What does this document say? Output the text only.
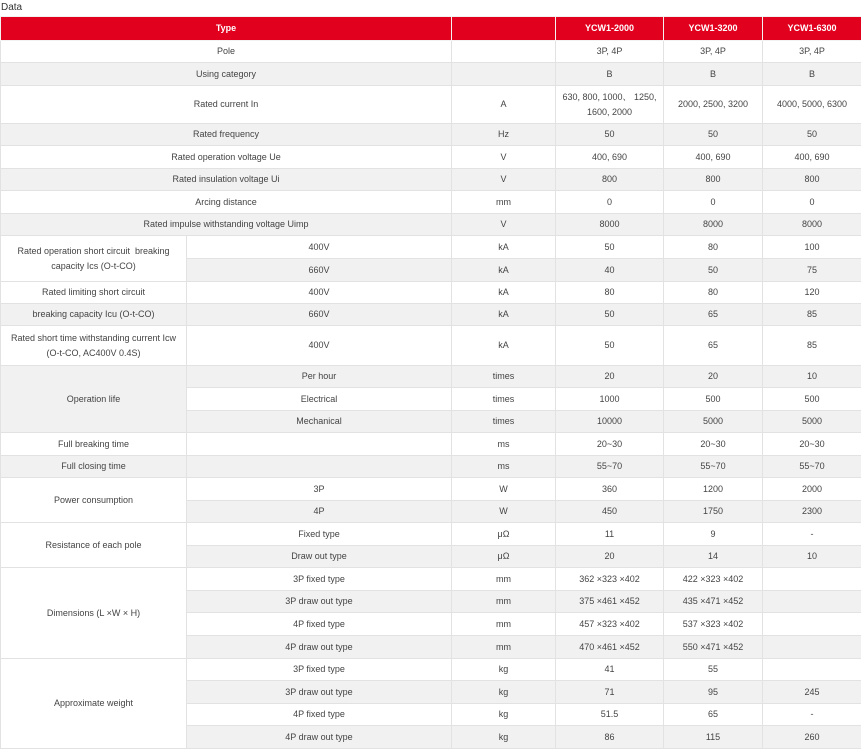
Data
Type			YCW1-2000	YCW1-3200	YCW1-6300
Pole			3P, 4P	3P, 4P	3P, 4P
Using category			B	B	B
Rated current In		A	630, 800, 1000、 1250, 1600, 2000	2000, 2500, 3200	4000, 5000, 6300
Rated frequency		Hz	50	50	50
Rated operation voltage Ue		V	400, 690	400, 690	400, 690
Rated insulation voltage Ui		V	800	800	800
Arcing distance		mm	0	0	0
Rated impulse withstanding voltage Uimp		V	8000	8000	8000
Rated operation short circuit  breaking capacity Ics (O-t-CO)	400V	kA	50	80	100
	660V	kA	40	50	75
Rated limiting short circuit	400V	kA	80	80	120
breaking capacity Icu (O-t-CO)	660V	kA	50	65	85
Rated short time withstanding current Icw (O-t-CO, AC400V 0.4S)	400V	kA	50	65	85
Operation life	Per hour	times	20	20	10
	Electrical	times	1000	500	500
	Mechanical	times	10000	5000	5000
Full breaking time		ms	20~30	20~30	20~30
Full closing time		ms	55~70	55~70	55~70
Power consumption	3P	W	360	1200	2000
	4P	W	450	1750	2300
Resistance of each pole	Fixed type	μΩ	11	9	-
	Draw out type	μΩ	20	14	10
Dimensions (L ×W × H)	3P fixed type	mm	362 ×323 ×402	422 ×323 ×402	
	3P draw out type	mm	375 ×461 ×452	435 ×471 ×452	
	4P fixed type	mm	457 ×323 ×402	537 ×323 ×402	
	4P draw out type	mm	470 ×461 ×452	550 ×471 ×452	
Approximate weight	3P fixed type	kg	41	55	
	3P draw out type	kg	71	95	245
	4P fixed type	kg	51.5	65	-
	4P draw out type	kg	86	115	260
